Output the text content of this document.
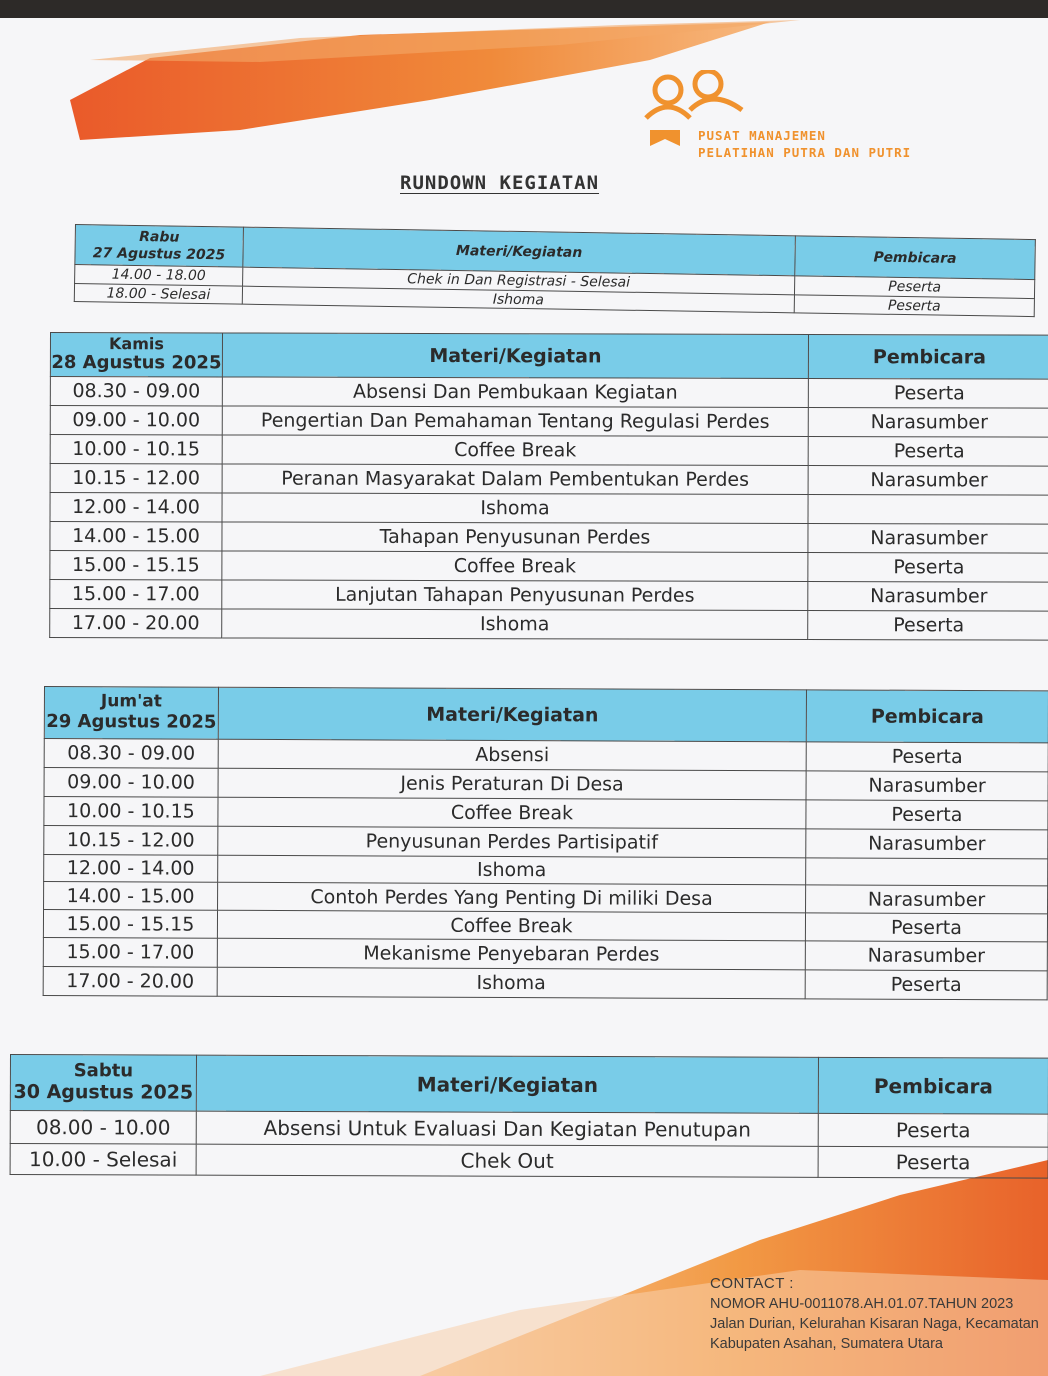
PUSAT MANAJEMEN
PELATIHAN PUTRA DAN PUTRI
RUNDOWN KEGIATAN
Rabu
27 Agustus 2025	Materi/Kegiatan	Pembicara
14.00 - 18.00	Chek in Dan Registrasi - Selesai	Peserta
18.00 - Selesai	Ishoma	Peserta
Kamis
28 Agustus 2025	Materi/Kegiatan	Pembicara
08.30 - 09.00	Absensi Dan Pembukaan Kegiatan	Peserta
09.00 - 10.00	Pengertian Dan Pemahaman Tentang Regulasi Perdes	Narasumber
10.00 - 10.15	Coffee Break	Peserta
10.15 - 12.00	Peranan Masyarakat Dalam Pembentukan Perdes	Narasumber
12.00 - 14.00	Ishoma	
14.00 - 15.00	Tahapan Penyusunan Perdes	Narasumber
15.00 - 15.15	Coffee Break	Peserta
15.00 - 17.00	Lanjutan Tahapan Penyusunan Perdes	Narasumber
17.00 - 20.00	Ishoma	Peserta
Jum'at
29 Agustus 2025	Materi/Kegiatan	Pembicara
08.30 - 09.00	Absensi	Peserta
09.00 - 10.00	Jenis Peraturan Di Desa	Narasumber
10.00 - 10.15	Coffee Break	Peserta
10.15 - 12.00	Penyusunan Perdes Partisipatif	Narasumber
12.00 - 14.00	Ishoma	
14.00 - 15.00	Contoh Perdes Yang Penting Di miliki Desa	Narasumber
15.00 - 15.15	Coffee Break	Peserta
15.00 - 17.00	Mekanisme Penyebaran Perdes	Narasumber
17.00 - 20.00	Ishoma	Peserta
Sabtu
30 Agustus 2025	Materi/Kegiatan	Pembicara
08.00 - 10.00	Absensi Untuk Evaluasi Dan Kegiatan Penutupan	Peserta
10.00 - Selesai	Chek Out	Peserta
CONTACT :
NOMOR AHU-0011078.AH.01.07.TAHUN 2023
Jalan Durian, Kelurahan Kisaran Naga, Kecamatan
Kabupaten Asahan, Sumatera Utara
